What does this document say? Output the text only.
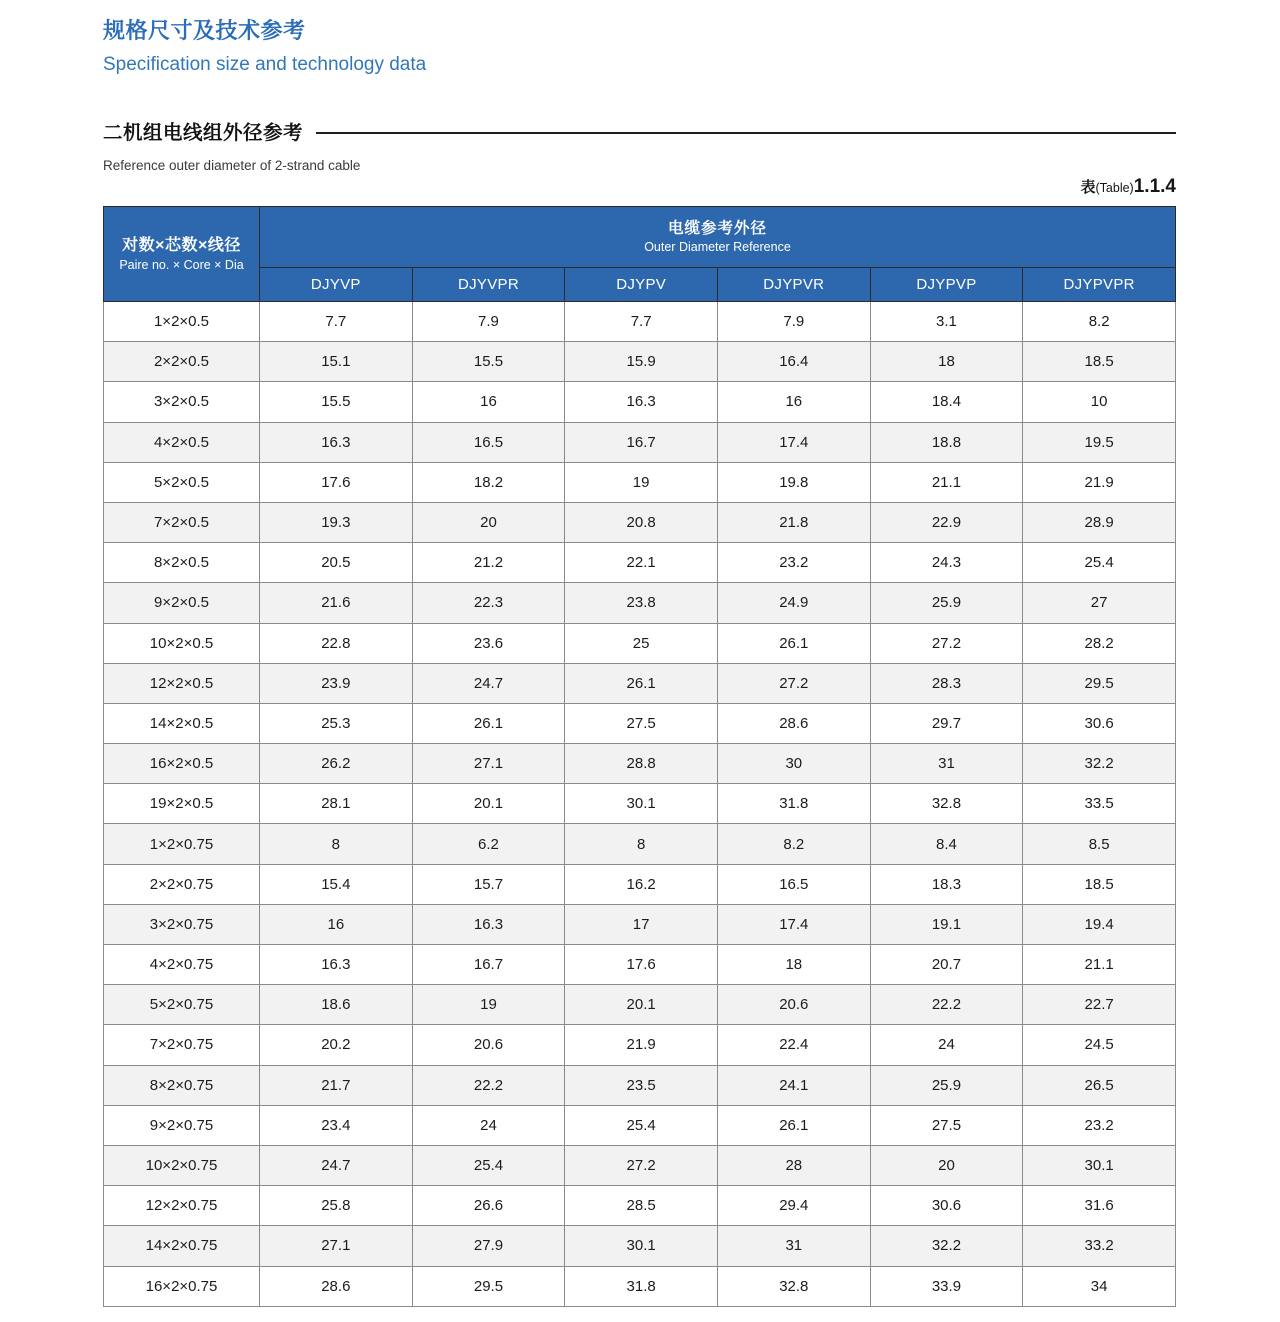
规格尺寸及技术参考
Specification size and technology data
二机组电线组外径参考

Reference outer diameter of 2-strand cable

表(Table)1.1.4
对数×芯数×线径
Paire no. × Core × Dia

电缆参考外径
Outer Diameter Reference

	DJYVP	DJYVPR	DJYPV	DJYPVR	DJYPVP	DJYPVPR
1×2×0.5	7.7	7.9	7.7	7.9	3.1	8.2
2×2×0.5	15.1	15.5	15.9	16.4	18	18.5
3×2×0.5	15.5	16	16.3	16	18.4	10
4×2×0.5	16.3	16.5	16.7	17.4	18.8	19.5
5×2×0.5	17.6	18.2	19	19.8	21.1	21.9
7×2×0.5	19.3	20	20.8	21.8	22.9	28.9
8×2×0.5	20.5	21.2	22.1	23.2	24.3	25.4
9×2×0.5	21.6	22.3	23.8	24.9	25.9	27
10×2×0.5	22.8	23.6	25	26.1	27.2	28.2
12×2×0.5	23.9	24.7	26.1	27.2	28.3	29.5
14×2×0.5	25.3	26.1	27.5	28.6	29.7	30.6
16×2×0.5	26.2	27.1	28.8	30	31	32.2
19×2×0.5	28.1	20.1	30.1	31.8	32.8	33.5
1×2×0.75	8	6.2	8	8.2	8.4	8.5
2×2×0.75	15.4	15.7	16.2	16.5	18.3	18.5
3×2×0.75	16	16.3	17	17.4	19.1	19.4
4×2×0.75	16.3	16.7	17.6	18	20.7	21.1
5×2×0.75	18.6	19	20.1	20.6	22.2	22.7
7×2×0.75	20.2	20.6	21.9	22.4	24	24.5
8×2×0.75	21.7	22.2	23.5	24.1	25.9	26.5
9×2×0.75	23.4	24	25.4	26.1	27.5	23.2
10×2×0.75	24.7	25.4	27.2	28	20	30.1
12×2×0.75	25.8	26.6	28.5	29.4	30.6	31.6
14×2×0.75	27.1	27.9	30.1	31	32.2	33.2
16×2×0.75	28.6	29.5	31.8	32.8	33.9	34
